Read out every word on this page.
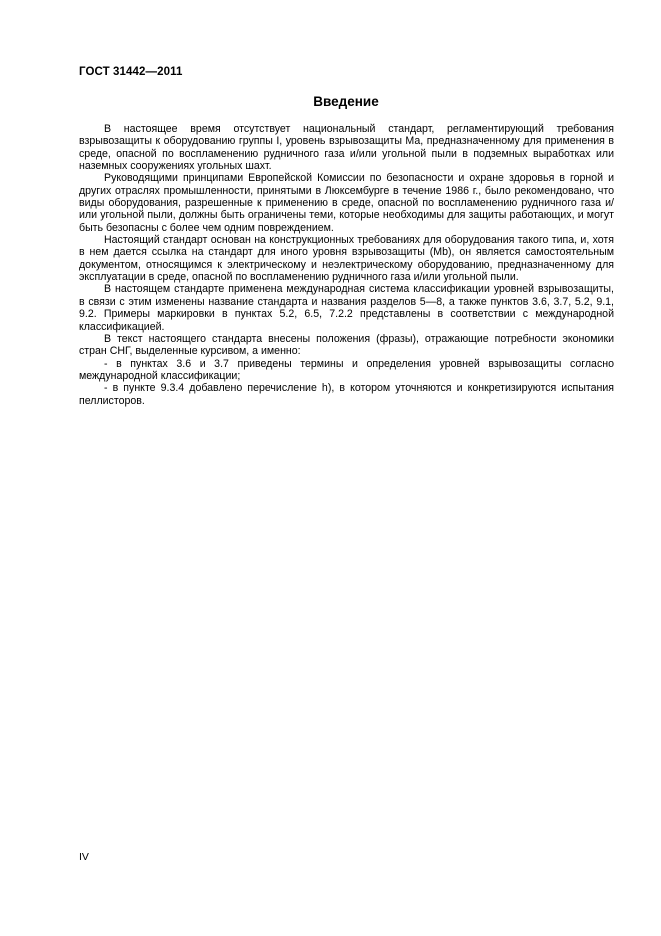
ГОСТ 31442—2011
Введение

В настоящее время отсутствует национальный стандарт, регламентирующий требования взрывозащиты к оборудованию группы I, уровень взрывозащиты Ма, предназначенному для применения в среде, опасной по воспламенению рудничного газа и/или угольной пыли в подземных выработках или наземных сооружениях угольных шахт.

Руководящими принципами Европейской Комиссии по безопасности и охране здоровья в горной и других отраслях промышленности, принятыми в Люксембурге в течение 1986 г., было рекомендовано, что виды оборудования, разрешенные к применению в среде, опасной по воспламенению рудничного газа и/или угольной пыли, должны быть ограничены теми, которые необходимы для защиты работающих, и могут быть безопасны с более чем одним повреждением.

Настоящий стандарт основан на конструкционных требованиях для оборудования такого типа, и, хотя в нем дается ссылка на стандарт для иного уровня взрывозащиты (Mb), он является самостоятельным документом, относящимся к электрическому и неэлектрическому оборудованию, предназначенному для эксплуатации в среде, опасной по воспламенению рудничного газа и/или угольной пыли.

В настоящем стандарте применена международная система классификации уровней взрывозащиты, в связи с этим изменены название стандарта и названия разделов 5—8, а также пунктов 3.6, 3.7, 5.2, 9.1, 9.2. Примеры маркировки в пунктах 5.2, 6.5, 7.2.2 представлены в соответствии с международной классификацией.

В текст настоящего стандарта внесены положения (фразы), отражающие потребности экономики стран СНГ, выделенные курсивом, а именно:

- в пунктах 3.6 и 3.7 приведены термины и определения уровней взрывозащиты согласно международной классификации;

- в пункте 9.3.4 добавлено перечисление h), в котором уточняются и конкретизируются испытания пеллисторов.

IV
